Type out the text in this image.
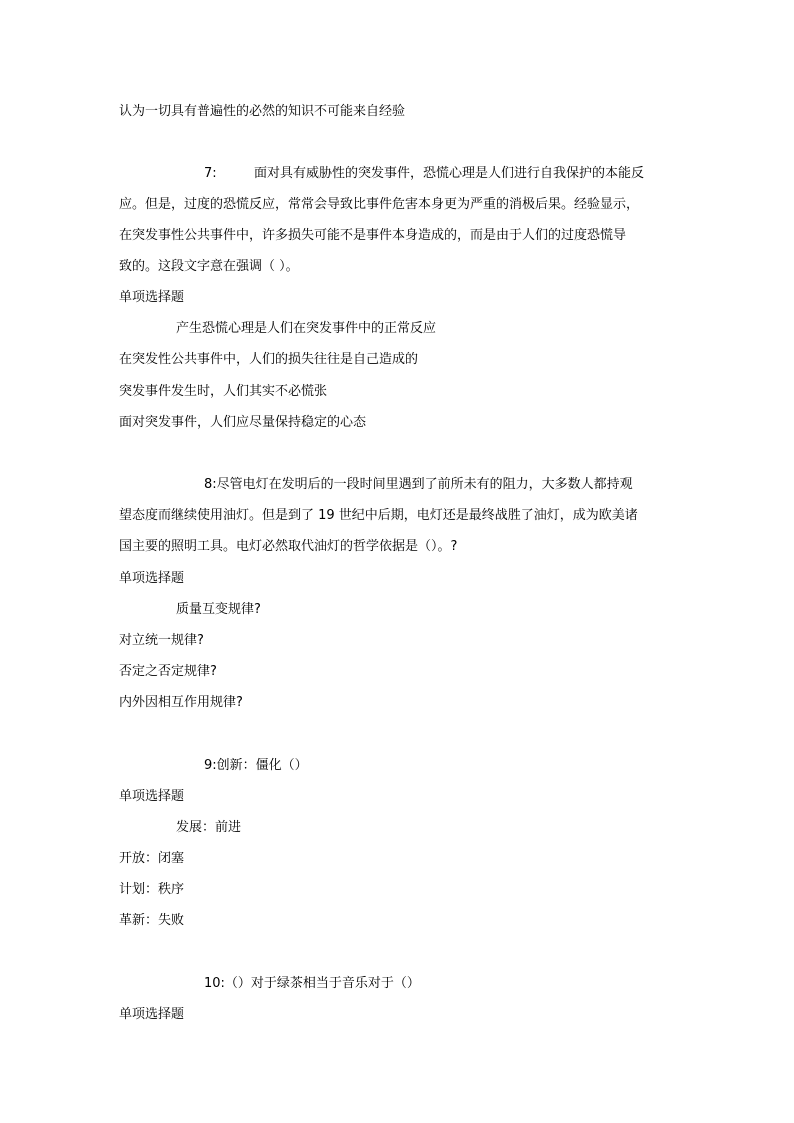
认为一切具有普遍性的必然的知识不可能来自经验
7:	面对具有威胁性的突发事件，恐慌心理是人们进行自我保护的本能反
应。但是，过度的恐慌反应，常常会导致比事件危害本身更为严重的消极后果。经验显示，
在突发事性公共事件中，许多损失可能不是事件本身造成的，而是由于人们的过度恐慌导
致的。这段文字意在强调（ ）。
单项选择题
产生恐慌心理是人们在突发事件中的正常反应
在突发性公共事件中，人们的损失往往是自己造成的
突发事件发生时，人们其实不必慌张
面对突发事件，人们应尽量保持稳定的心态
8:尽管电灯在发明后的一段时间里遇到了前所未有的阻力，大多数人都持观
望态度而继续使用油灯。但是到了 19 世纪中后期，电灯还是最终战胜了油灯，成为欧美诸
国主要的照明工具。电灯必然取代油灯的哲学依据是（）。?
单项选择题
质量互变规律?
对立统一规律?
否定之否定规律?
内外因相互作用规律?
9:创新：僵化（）
单项选择题
发展：前进
开放：闭塞
计划：秩序
革新：失败
10:（）对于绿茶相当于音乐对于（）
单项选择题
